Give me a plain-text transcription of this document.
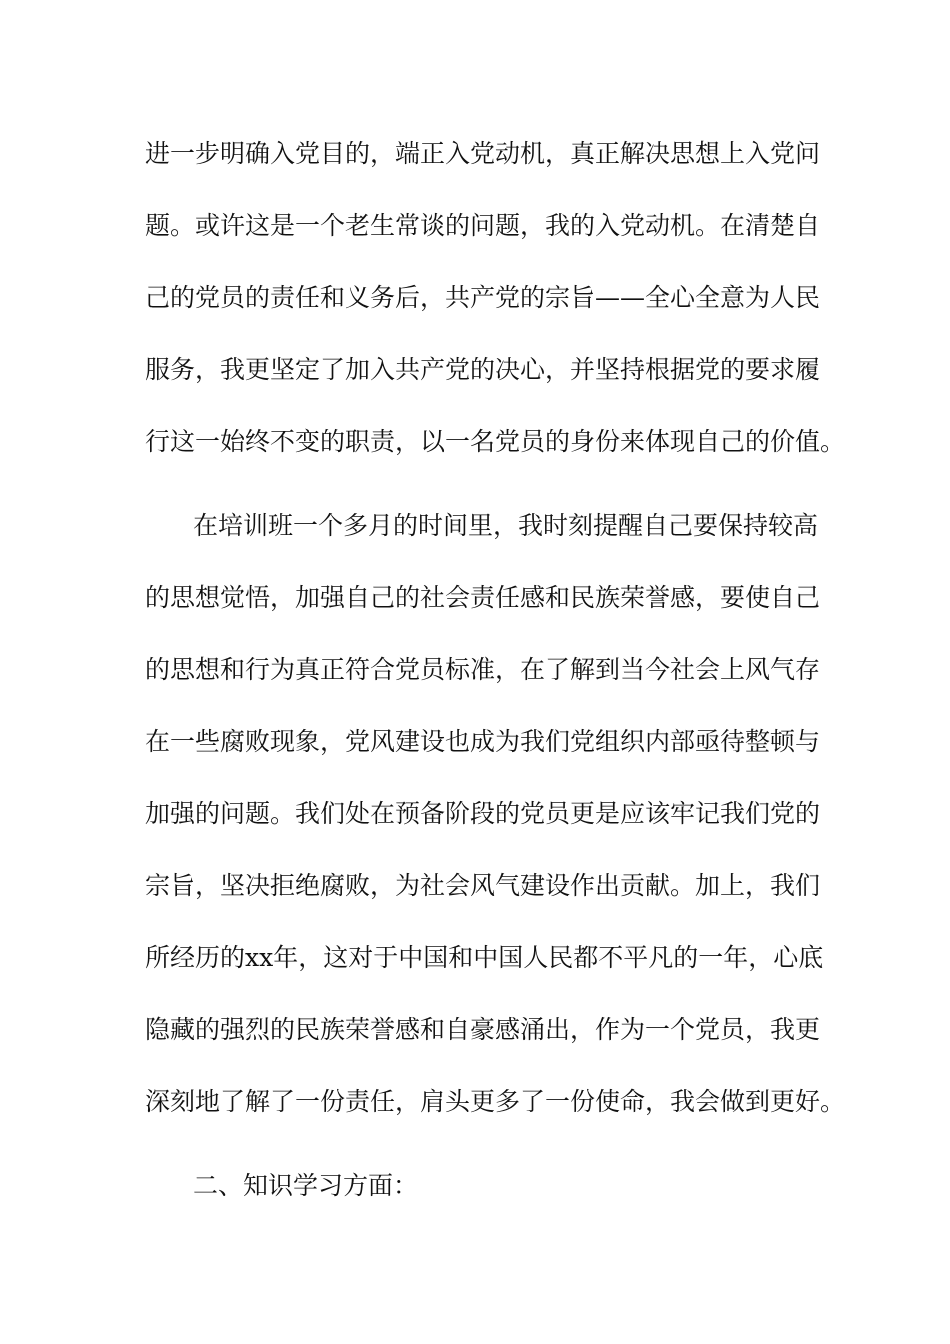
进一步明确入党目的，端正入党动机，真正解决思想上入党问
题。或许这是一个老生常谈的问题，我的入党动机。在清楚自
己的党员的责任和义务后，共产党的宗旨——全心全意为人民
服务，我更坚定了加入共产党的决心，并坚持根据党的要求履
行这一始终不变的职责，以一名党员的身份来体现自己的价值。
在培训班一个多月的时间里，我时刻提醒自己要保持较高
的思想觉悟，加强自己的社会责任感和民族荣誉感，要使自己
的思想和行为真正符合党员标准，在了解到当今社会上风气存
在一些腐败现象，党风建设也成为我们党组织内部亟待整顿与
加强的问题。我们处在预备阶段的党员更是应该牢记我们党的
宗旨，坚决拒绝腐败，为社会风气建设作出贡献。加上，我们
所经历的xx年，这对于中国和中国人民都不平凡的一年，心底
隐藏的强烈的民族荣誉感和自豪感涌出，作为一个党员，我更
深刻地了解了一份责任，肩头更多了一份使命，我会做到更好。
二、知识学习方面：
